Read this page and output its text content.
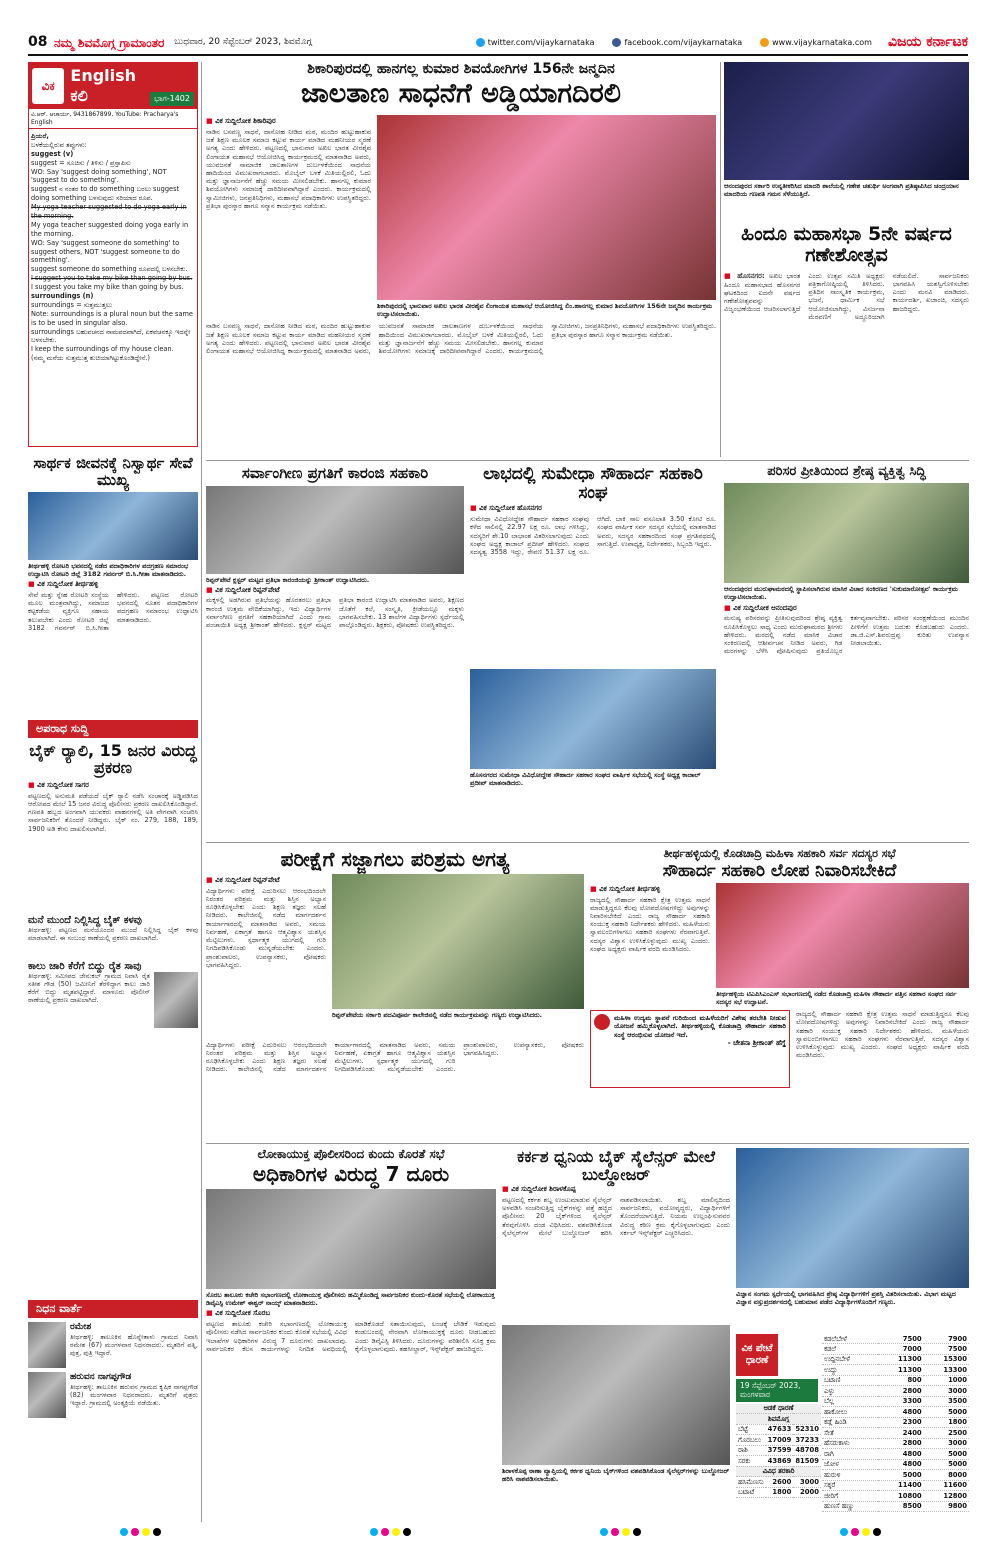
08 ನಮ್ಮ ಶಿವಮೊಗ್ಗ ಗ್ರಾಮಾಂತರ ಬುಧವಾರ, 20 ಸೆಪ್ಟೆಂಬರ್ 2023, ಶಿವಮೊಗ್ಗ	twitter.com/vijaykarnataka	facebook.com/vijaykarnataka	www.vijaykarnataka.com ವಿಜಯ ಕರ್ನಾಟಕ
ವಿಕ
English ಕಲಿ	ಭಾಗ-1402
ವಿ.ಆರ್. ಆಚಾರ್ಯ, 9431867899, YouTube: Pracharya's English
ಪ್ರಿಯರೆ,
ಬಳಕೆಯಲ್ಲಿರುವ ತಪ್ಪುಗಳು:
suggest (v)
suggest = ಸೂಚಿಸು / ತಿಳಿಸು / ಪ್ರಸ್ತಾಪಿಸು
WO: Say 'suggest doing something', NOT 'suggest to do something'.
suggest ನ ನಂತರ to do something ಬರಲು suggest doing something ಬಳಸುವುದು ಸರಿಯಾದ ರೂಪ.
My yoga teacher suggested to do yoga early in the morning.
My yoga teacher suggested doing yoga early in the morning.
WO: Say 'suggest someone do something' to suggest others, NOT 'suggest someone to do something'.
suggest someone do something ರೂಪದಲ್ಲಿ ಬಳಸಬೇಕು.
I suggest you to take my bike than going by bus.
I suggest you take my bike than going by bus.
surroundings (n)
surroundings = ಸುತ್ತಮುತ್ತಲು
Note: surroundings is a plural noun but the same is to be used in singular also.
surroundings ಬಹುವಚನದ ನಾಮಪದವಾಗಿದೆ, ಏಕವಚನಕ್ಕೂ ಇದನ್ನೇ ಬಳಸಬೇಕು.
I keep the surroundings of my house clean.
(ನಮ್ಮ ಮನೆಯ ಸುತ್ತಮುತ್ತ ಶುಚಿಯಾಗಿಟ್ಟುಕೊಂಡಿದ್ದೇನೆ.)
ಶಿಕಾರಿಪುರದಲ್ಲಿ ಹಾನಗಲ್ಲ ಕುಮಾರ ಶಿವಯೋಗಿಗಳ 156ನೇ ಜನ್ಮದಿನ
ಜಾಲತಾಣ ಸಾಧನೆಗೆ ಅಡ್ಡಿಯಾಗದಿರಲಿ
■ ವಿಕ ಸುದ್ದಿಲೋಕ ಶಿಕಾರಿಪುರ
ನಾಡಿನ ಬಸವಣ್ಣ ಸಾಧನೆ, ದಾಸೋಹ ನೀಡಿದ ಮಠ, ಮಂದಿರ ಹುಟ್ಟುಹಾಕುವ ಜತೆ ಶಿಕ್ಷಣ ಮೂಲಕ ಸಮಾಜ ಕಟ್ಟುವ ಕಾರ್ಯ ಮಾಡಿದ ಮಹನೀಯರ ಸ್ಮರಣೆ ಅಗತ್ಯ ಎಂದು ಹೇಳಿದರು. ಪಟ್ಟಣದಲ್ಲಿ ಭಾನುವಾರ ಅಖಿಲ ಭಾರತ ವೀರಶೈವ ಲಿಂಗಾಯತ ಮಹಾಸಭೆ ಆಯೋಜಿಸಿದ್ದ ಕಾರ್ಯಕ್ರಮದಲ್ಲಿ ಮಾತನಾಡಿದ ಅವರು, ಯುವಜನತೆ ಸಾಮಾಜಿಕ ಜಾಲತಾಣಗಳ ದುರ್ಬಳಕೆಯಿಂದ ಸಾಧನೆಯ ಹಾದಿಯಿಂದ ವಿಮುಖರಾಗಬಾರದು. ಮೊಬೈಲ್ ಬಳಕೆ ಮಿತಿಯಲ್ಲಿರಲಿ, ಓದು ಮತ್ತು ಜ್ಞಾನಾರ್ಜನೆಗೆ ಹೆಚ್ಚು ಸಮಯ ಮೀಸಲಿಡಬೇಕು. ಹಾನಗಲ್ಲ ಕುಮಾರ ಶಿವಯೋಗಿಗಳು ಸಮಾಜಕ್ಕೆ ದಾರಿದೀಪವಾಗಿದ್ದಾರೆ ಎಂದರು. ಕಾರ್ಯಕ್ರಮದಲ್ಲಿ ಸ್ವಾಮೀಜಿಗಳು, ಜನಪ್ರತಿನಿಧಿಗಳು, ಮಹಾಸಭೆ ಪದಾಧಿಕಾರಿಗಳು ಉಪಸ್ಥಿತರಿದ್ದರು. ಪ್ರತಿಭಾ ಪುರಸ್ಕಾರ ಹಾಗೂ ಸನ್ಮಾನ ಕಾರ್ಯಕ್ರಮ ನಡೆಯಿತು.
ಶಿಕಾರಿಪುರದಲ್ಲಿ ಭಾನುವಾರ ಅಖಿಲ ಭಾರತ ವೀರಶೈವ ಲಿಂಗಾಯತ ಮಹಾಸಭೆ ಆಯೋಜಿಸಿದ್ದ ಲಿಂ.ಹಾನಗಲ್ಲ ಕುಮಾರ ಶಿವಯೋಗಿಗಳ 156ನೇ ಜನ್ಮದಿನ ಕಾರ್ಯಕ್ರಮ ಉದ್ಘಾಟಿಸಲಾಯಿತು.
ನಾಡಿನ ಬಸವಣ್ಣ ಸಾಧನೆ, ದಾಸೋಹ ನೀಡಿದ ಮಠ, ಮಂದಿರ ಹುಟ್ಟುಹಾಕುವ ಜತೆ ಶಿಕ್ಷಣ ಮೂಲಕ ಸಮಾಜ ಕಟ್ಟುವ ಕಾರ್ಯ ಮಾಡಿದ ಮಹನೀಯರ ಸ್ಮರಣೆ ಅಗತ್ಯ ಎಂದು ಹೇಳಿದರು. ಪಟ್ಟಣದಲ್ಲಿ ಭಾನುವಾರ ಅಖಿಲ ಭಾರತ ವೀರಶೈವ ಲಿಂಗಾಯತ ಮಹಾಸಭೆ ಆಯೋಜಿಸಿದ್ದ ಕಾರ್ಯಕ್ರಮದಲ್ಲಿ ಮಾತನಾಡಿದ ಅವರು, ಯುವಜನತೆ ಸಾಮಾಜಿಕ ಜಾಲತಾಣಗಳ ದುರ್ಬಳಕೆಯಿಂದ ಸಾಧನೆಯ ಹಾದಿಯಿಂದ ವಿಮುಖರಾಗಬಾರದು. ಮೊಬೈಲ್ ಬಳಕೆ ಮಿತಿಯಲ್ಲಿರಲಿ, ಓದು ಮತ್ತು ಜ್ಞಾನಾರ್ಜನೆಗೆ ಹೆಚ್ಚು ಸಮಯ ಮೀಸಲಿಡಬೇಕು. ಹಾನಗಲ್ಲ ಕುಮಾರ ಶಿವಯೋಗಿಗಳು ಸಮಾಜಕ್ಕೆ ದಾರಿದೀಪವಾಗಿದ್ದಾರೆ ಎಂದರು. ಕಾರ್ಯಕ್ರಮದಲ್ಲಿ ಸ್ವಾಮೀಜಿಗಳು, ಜನಪ್ರತಿನಿಧಿಗಳು, ಮಹಾಸಭೆ ಪದಾಧಿಕಾರಿಗಳು ಉಪಸ್ಥಿತರಿದ್ದರು. ಪ್ರತಿಭಾ ಪುರಸ್ಕಾರ ಹಾಗೂ ಸನ್ಮಾನ ಕಾರ್ಯಕ್ರಮ ನಡೆಯಿತು.
ಆನಂದಪುರದ ಸರ್ಕಾರಿ ಉನ್ನತೀಕರಿಸಿದ ಮಾದರಿ ಶಾಲೆಯಲ್ಲಿ ಗಣೇಶ ಚತುರ್ಥಿ ಅಂಗವಾಗಿ ಪ್ರತಿಷ್ಠಾಪಿಸಿದ ಚಂದ್ರಯಾನ ಮಾದರಿಯ ಗಣಪತಿ ಗಮನ ಸೆಳೆಯುತ್ತಿದೆ.
ಹಿಂದೂ ಮಹಾಸಭಾ 5ನೇ ವರ್ಷದ ಗಣೇಶೋತ್ಸವ
■ ಹೊಸನಗರ: ಅಖಿಲ ಭಾರತ ಹಿಂದೂ ಮಹಾಸಭಾದ ಹೊಸನಗರ ಘಟಕದಿಂದ ಐದನೇ ವರ್ಷದ ಗಣೇಶೋತ್ಸವವನ್ನು ವಿಜೃಂಭಣೆಯಿಂದ ಆಚರಿಸಲಾಗುತ್ತಿದೆ ಎಂದು ಉತ್ಸವ ಸಮಿತಿ ಅಧ್ಯಕ್ಷರು ಪತ್ರಿಕಾಗೋಷ್ಠಿಯಲ್ಲಿ ತಿಳಿಸಿದರು. ಪ್ರತಿದಿನ ಸಾಂಸ್ಕೃತಿಕ ಕಾರ್ಯಕ್ರಮ, ಭಜನೆ, ಧಾರ್ಮಿಕ ಸಭೆ ಆಯೋಜಿಸಲಾಗಿದ್ದು, ವಿಸರ್ಜನಾ ಮೆರವಣಿಗೆ ಅದ್ದೂರಿಯಾಗಿ ನಡೆಯಲಿದೆ. ಸಾರ್ವಜನಿಕರು ಭಾಗವಹಿಸಿ ಯಶಸ್ವಿಗೊಳಿಸಬೇಕು ಎಂದು ಮನವಿ ಮಾಡಿದರು. ಕಾರ್ಯದರ್ಶಿ, ಖಜಾಂಚಿ, ಸದಸ್ಯರು ಹಾಜರಿದ್ದರು.
ಸಾರ್ಥಕ ಜೀವನಕ್ಕೆ ನಿಸ್ವಾರ್ಥ ಸೇವೆ ಮುಖ್ಯ
ತೀರ್ಥಹಳ್ಳಿ ರೋಟರಿ ಭವನದಲ್ಲಿ ನಡೆದ ಪದಾಧಿಕಾರಿಗಳ ಪದಗ್ರಹಣ ಸಮಾರಂಭ ಉದ್ಘಾಟಿಸಿ ರೋಟರಿ ಜಿಲ್ಲೆ 3182 ಗವರ್ನರ್ ಬಿ.ಸಿ.ಗೀತಾ ಮಾತನಾಡಿದರು.
■ ವಿಕ ಸುದ್ದಿಲೋಕ ತೀರ್ಥಹಳ್ಳಿ
ಸೇವೆ ಮತ್ತು ಸ್ನೇಹ ರೋಟರಿ ಸಂಸ್ಥೆಯ ಮೂಲ ಮಂತ್ರವಾಗಿದ್ದು, ಸಮಾಜದ ಕಟ್ಟಕಡೆಯ ವ್ಯಕ್ತಿಗೂ ಸಹಾಯ ತಲುಪಬೇಕು ಎಂದು ರೋಟರಿ ಜಿಲ್ಲೆ 3182 ಗವರ್ನರ್ ಬಿ.ಸಿ.ಗೀತಾ ಹೇಳಿದರು. ಪಟ್ಟಣದ ರೋಟರಿ ಭವನದಲ್ಲಿ ನೂತನ ಪದಾಧಿಕಾರಿಗಳ ಪದಗ್ರಹಣ ಸಮಾರಂಭ ಉದ್ಘಾಟಿಸಿ ಮಾತನಾಡಿದರು.
ಸರ್ವಾಂಗೀಣ ಪ್ರಗತಿಗೆ ಕಾರಂಜಿ ಸಹಕಾರಿ
ರಿಪ್ಪನ್‌ಪೇಟೆ ಕ್ಲಸ್ಟರ್ ಮಟ್ಟದ ಪ್ರತಿಭಾ ಕಾರಂಜಿಯನ್ನು ಶ್ರೀಕಾಂತ್ ಉದ್ಘಾಟಿಸಿದರು.
■ ವಿಕ ಸುದ್ದಿಲೋಕ ರಿಪ್ಪನ್‌ಪೇಟೆ
ಮಕ್ಕಳಲ್ಲಿ ಅಡಗಿರುವ ಪ್ರತಿಭೆಯನ್ನು ಹೊರತರಲು ಪ್ರತಿಭಾ ಕಾರಂಜಿ ಉತ್ತಮ ವೇದಿಕೆಯಾಗಿದ್ದು, ಇದು ವಿದ್ಯಾರ್ಥಿಗಳ ಸರ್ವಾಂಗೀಣ ಪ್ರಗತಿಗೆ ಸಹಕಾರಿಯಾಗಿದೆ ಎಂದು ಗ್ರಾಮ ಪಂಚಾಯಿತಿ ಅಧ್ಯಕ್ಷ ಶ್ರೀಕಾಂತ್ ಹೇಳಿದರು. ಕ್ಲಸ್ಟರ್ ಮಟ್ಟದ ಪ್ರತಿಭಾ ಕಾರಂಜಿ ಉದ್ಘಾಟಿಸಿ ಮಾತನಾಡಿದ ಅವರು, ಶಿಕ್ಷಣದ ಜೊತೆಗೆ ಕಲೆ, ಸಂಸ್ಕೃತಿ, ಕ್ರೀಡೆಯಲ್ಲೂ ಮಕ್ಕಳು ಭಾಗವಹಿಸಬೇಕು. 13 ಶಾಲೆಗಳ ವಿದ್ಯಾರ್ಥಿಗಳು ಸ್ಪರ್ಧೆಯಲ್ಲಿ ಪಾಲ್ಗೊಂಡಿದ್ದರು. ಶಿಕ್ಷಕರು, ಪೋಷಕರು ಉಪಸ್ಥಿತರಿದ್ದರು.
ಲಾಭದಲ್ಲಿ ಸುಮೇಧಾ ಸೌಹಾರ್ದ ಸಹಕಾರಿ ಸಂಘ
■ ವಿಕ ಸುದ್ದಿಲೋಕ ಹೊಸನಗರ
ಸುಮೇಧಾ ವಿವಿಧೋದ್ದೇಶ ಸೌಹಾರ್ದ ಸಹಕಾರ ಸಂಘವು ಕಳೆದ ಸಾಲಿನಲ್ಲಿ 22.97 ಲಕ್ಷ ರೂ. ಲಾಭ ಗಳಿಸಿದ್ದು, ಸದಸ್ಯರಿಗೆ ಶೇ.10 ಲಾಭಾಂಶ ವಿತರಿಸಲಾಗುವುದು ಎಂದು ಸಂಘದ ಅಧ್ಯಕ್ಷ ಕಾಜಾಲ್ ಪ್ರದೀಪ್ ಹೇಳಿದರು. ಸಂಘದ ಸದಸ್ಯತ್ವ 3558 ಇದ್ದು, ಠೇವಣಿ 51.37 ಲಕ್ಷ ರೂ. ಆಗಿದೆ. ಬಾಕಿ ಸಾಲ ವಸೂಲಾತಿ 3.50 ಕೋಟಿ ರೂ. ಸಂಘದ ವಾರ್ಷಿಕ ಸರ್ವ ಸದಸ್ಯರ ಸಭೆಯಲ್ಲಿ ಮಾತನಾಡಿದ ಅವರು, ಸದಸ್ಯರ ಸಹಕಾರದಿಂದ ಸಂಘ ಪ್ರಗತಿಪಥದಲ್ಲಿ ಸಾಗುತ್ತಿದೆ. ಉಪಾಧ್ಯಕ್ಷ, ನಿರ್ದೇಶಕರು, ಸಿಬ್ಬಂದಿ ಇದ್ದರು.
ಹೊಸನಗರದ ಸುಮೇಧಾ ವಿವಿಧೋದ್ದೇಶ ಸೌಹಾರ್ದ ಸಹಕಾರ ಸಂಘದ ವಾರ್ಷಿಕ ಸಭೆಯಲ್ಲಿ ಸಂಸ್ಥೆ ಅಧ್ಯಕ್ಷ ಕಾಜಾಲ್ ಪ್ರದೀಪ್ ಮಾತನಾಡಿದರು.
ಪರಿಸರ ಪ್ರೀತಿಯಿಂದ ಶ್ರೇಷ್ಠ ವ್ಯಕ್ತಿತ್ವ ಸಿದ್ಧಿ
ಆನಂದಪುರದ ಮುರುಘಾಮಠದಲ್ಲಿ ಸ್ಥಾಪಿಸಲಾಗಿರುವ ಮಾಸಿಕ ವಿಚಾರ ಸಂಕಿರಣದ 'ಸುಕುಮಾರೋತ್ಸವ' ಕಾರ್ಯಕ್ರಮ ಉದ್ಘಾಟಿಸಲಾಯಿತು.
■ ವಿಕ ಸುದ್ದಿಲೋಕ ಆನಂದಪುರ
ಮನುಷ್ಯ ಪರಿಸರವನ್ನು ಪ್ರೀತಿಸುವುದರಿಂದ ಶ್ರೇಷ್ಠ ವ್ಯಕ್ತಿತ್ವ ರೂಪಿಸಿಕೊಳ್ಳಲು ಸಾಧ್ಯ ಎಂದು ಮುರುಘಾಮಠದ ಶ್ರೀಗಳು ಹೇಳಿದರು. ಮಠದಲ್ಲಿ ನಡೆದ ಮಾಸಿಕ ವಿಚಾರ ಸಂಕಿರಣದಲ್ಲಿ ಆಶೀರ್ವಚನ ನೀಡಿದ ಅವರು, ಗಿಡ ಮರಗಳನ್ನು ಬೆಳೆಸಿ ಪೋಷಿಸುವುದು ಪ್ರತಿಯೊಬ್ಬರ ಕರ್ತವ್ಯವಾಗಬೇಕು. ಪರಿಸರ ಸಂರಕ್ಷಣೆಯಿಂದ ಮುಂದಿನ ಪೀಳಿಗೆಗೆ ಉತ್ತಮ ಬದುಕು ಕೊಡಬಹುದು ಎಂದರು. ಡಾ.ಜಿ.ಎಸ್.ಶಿವರುದ್ರಪ್ಪ ಕುರಿತು ಉಪನ್ಯಾಸ ನೀಡಲಾಯಿತು.
ಅಪರಾಧ ಸುದ್ದಿ
ಬೈಕ್ ರ‍್ಯಾಲಿ, 15 ಜನರ ವಿರುದ್ಧ ಪ್ರಕರಣ
■ ವಿಕ ಸುದ್ದಿಲೋಕ ಸಾಗರ
ಪಟ್ಟಣದಲ್ಲಿ ಅನುಮತಿ ಪಡೆಯದೆ ಬೈಕ್ ರ‍್ಯಾಲಿ ನಡೆಸಿ ಸಂಚಾರಕ್ಕೆ ಅಡ್ಡಿಪಡಿಸಿದ ಆರೋಪದ ಮೇಲೆ 15 ಜನರ ವಿರುದ್ಧ ಪೊಲೀಸರು ಪ್ರಕರಣ ದಾಖಲಿಸಿಕೊಂಡಿದ್ದಾರೆ. ಗಣಪತಿ ಹಬ್ಬದ ಅಂಗವಾಗಿ ಯುವಕರು ವಾಹನಗಳಲ್ಲಿ ಅತಿ ವೇಗವಾಗಿ ಸಂಚರಿಸಿ ಸಾರ್ವಜನಿಕರಿಗೆ ತೊಂದರೆ ನೀಡಿದ್ದರು. ಬೈಕ್ ನಂ. 279, 188, 189, 1900 ಅಡಿ ಕೇಸು ದಾಖಲಿಸಲಾಗಿದೆ.
ಮನೆ ಮುಂದೆ ನಿಲ್ಲಿಸಿದ್ದ ಬೈಕ್ ಕಳವು
ತೀರ್ಥಹಳ್ಳಿ: ಪಟ್ಟಣದ ಮನೆಯೊಂದರ ಮುಂದೆ ನಿಲ್ಲಿಸಿದ್ದ ಬೈಕ್ ಕಳವು ಮಾಡಲಾಗಿದೆ. ಈ ಸಂಬಂಧ ಠಾಣೆಯಲ್ಲಿ ಪ್ರಕರಣ ದಾಖಲಾಗಿದೆ.
ಕಾಲು ಜಾರಿ ಕೆರೆಗೆ ಬಿದ್ದು ರೈತ ಸಾವು
ತೀರ್ಥಹಳ್ಳಿ: ಸಮೀಪದ ಜೇನುಕಲ್ ಗ್ರಾಮದ ನಿವಾಸಿ ರೈತ ಸತೀಶ ಗೌಡ (50) ಜಮೀನಿಗೆ ತೆರಳಿದ್ದಾಗ ಕಾಲು ಜಾರಿ ಕೆರೆಗೆ ಬಿದ್ದು ಮೃತಪಟ್ಟಿದ್ದಾರೆ. ಮಾಳೂರು ಪೊಲೀಸ್ ಠಾಣೆಯಲ್ಲಿ ಪ್ರಕರಣ ದಾಖಲಾಗಿದೆ.
ನಿಧನ ವಾರ್ತೆ
ರಮೇಶ
ತೀರ್ಥಹಳ್ಳಿ: ತಾಲೂಕಿನ ಹೊನ್ನೇತಾಳು ಗ್ರಾಮದ ನಿವಾಸಿ ರಮೇಶ (67) ಮಂಗಳವಾರ ನಿಧನರಾದರು. ಮೃತರಿಗೆ ಪತ್ನಿ, ಪುತ್ರ, ಪುತ್ರಿ ಇದ್ದಾರೆ.
ಹರುವನ ನಾಗಪ್ಪಗೌಡ
ತೀರ್ಥಹಳ್ಳಿ: ತಾಲೂಕಿನ ಹರುವನ ಗ್ರಾಮದ ಕೃಷಿಕ ನಾಗಪ್ಪಗೌಡ (82) ಮಂಗಳವಾರ ನಿಧನರಾದರು. ಮೃತರಿಗೆ ಪುತ್ರರು ಇದ್ದಾರೆ. ಗ್ರಾಮದಲ್ಲಿ ಅಂತ್ಯಕ್ರಿಯೆ ನಡೆಯಿತು.
ಪರೀಕ್ಷೆಗೆ ಸಜ್ಜಾಗಲು ಪರಿಶ್ರಮ ಅಗತ್ಯ
■ ವಿಕ ಸುದ್ದಿಲೋಕ ರಿಪ್ಪನ್‌ಪೇಟೆ
ವಿದ್ಯಾರ್ಥಿಗಳು ಪರೀಕ್ಷೆ ಎದುರಿಸಲು ಆರಂಭದಿಂದಲೇ ನಿರಂತರ ಪರಿಶ್ರಮ ಮತ್ತು ಶಿಸ್ತಿನ ಅಭ್ಯಾಸ ರೂಢಿಸಿಕೊಳ್ಳಬೇಕು ಎಂದು ಶಿಕ್ಷಣ ತಜ್ಞರು ಸಲಹೆ ನೀಡಿದರು. ಕಾಲೇಜಿನಲ್ಲಿ ನಡೆದ ಮಾರ್ಗದರ್ಶನ ಕಾರ್ಯಾಗಾರದಲ್ಲಿ ಮಾತನಾಡಿದ ಅವರು, ಸಮಯ ನಿರ್ವಹಣೆ, ಏಕಾಗ್ರತೆ ಹಾಗೂ ಆತ್ಮವಿಶ್ವಾಸ ಯಶಸ್ಸಿನ ಮೆಟ್ಟಿಲುಗಳು. ಸ್ಪರ್ಧಾತ್ಮಕ ಯುಗದಲ್ಲಿ ಗುರಿ ನಿಗದಿಪಡಿಸಿಕೊಂಡು ಮುನ್ನಡೆಯಬೇಕು ಎಂದರು. ಪ್ರಾಂಶುಪಾಲರು, ಉಪನ್ಯಾಸಕರು, ಪೋಷಕರು ಭಾಗವಹಿಸಿದ್ದರು.
ರಿಪ್ಪನ್‌ಪೇಟೆಯ ಸರ್ಕಾರಿ ಪದವಿಪೂರ್ವ ಕಾಲೇಜಿನಲ್ಲಿ ನಡೆದ ಕಾರ್ಯಕ್ರಮವನ್ನು ಗಣ್ಯರು ಉದ್ಘಾಟಿಸಿದರು.
ವಿದ್ಯಾರ್ಥಿಗಳು ಪರೀಕ್ಷೆ ಎದುರಿಸಲು ಆರಂಭದಿಂದಲೇ ನಿರಂತರ ಪರಿಶ್ರಮ ಮತ್ತು ಶಿಸ್ತಿನ ಅಭ್ಯಾಸ ರೂಢಿಸಿಕೊಳ್ಳಬೇಕು ಎಂದು ಶಿಕ್ಷಣ ತಜ್ಞರು ಸಲಹೆ ನೀಡಿದರು. ಕಾಲೇಜಿನಲ್ಲಿ ನಡೆದ ಮಾರ್ಗದರ್ಶನ ಕಾರ್ಯಾಗಾರದಲ್ಲಿ ಮಾತನಾಡಿದ ಅವರು, ಸಮಯ ನಿರ್ವಹಣೆ, ಏಕಾಗ್ರತೆ ಹಾಗೂ ಆತ್ಮವಿಶ್ವಾಸ ಯಶಸ್ಸಿನ ಮೆಟ್ಟಿಲುಗಳು. ಸ್ಪರ್ಧಾತ್ಮಕ ಯುಗದಲ್ಲಿ ಗುರಿ ನಿಗದಿಪಡಿಸಿಕೊಂಡು ಮುನ್ನಡೆಯಬೇಕು ಎಂದರು. ಪ್ರಾಂಶುಪಾಲರು, ಉಪನ್ಯಾಸಕರು, ಪೋಷಕರು ಭಾಗವಹಿಸಿದ್ದರು.
ತೀರ್ಥಹಳ್ಳಿಯಲ್ಲಿ ಕೊಡಚಾದ್ರಿ ಮಹಿಳಾ ಸಹಕಾರಿ ಸರ್ವ ಸದಸ್ಯರ ಸಭೆ
ಸೌಹಾರ್ದ ಸಹಕಾರಿ ಲೋಪ ನಿವಾರಿಸಬೇಕಿದೆ
■ ವಿಕ ಸುದ್ದಿಲೋಕ ತೀರ್ಥಹಳ್ಳಿ
ರಾಜ್ಯದಲ್ಲಿ ಸೌಹಾರ್ದ ಸಹಕಾರಿ ಕ್ಷೇತ್ರ ಉತ್ತಮ ಸಾಧನೆ ಮಾಡುತ್ತಿದ್ದರೂ ಕೆಲವು ಲೋಪದೋಷಗಳಿದ್ದು ಅವುಗಳನ್ನು ನಿವಾರಿಸಬೇಕಿದೆ ಎಂದು ರಾಜ್ಯ ಸೌಹಾರ್ದ ಸಹಕಾರಿ ಸಂಯುಕ್ತ ಸಹಕಾರಿ ನಿರ್ದೇಶಕರು ಹೇಳಿದರು. ಮಹಿಳೆಯರು ಸ್ವಾವಲಂಬಿಗಳಾಗಲು ಸಹಕಾರಿ ಸಂಘಗಳು ನೆರವಾಗುತ್ತಿವೆ. ಸದಸ್ಯರ ವಿಶ್ವಾಸ ಉಳಿಸಿಕೊಳ್ಳುವುದು ಮುಖ್ಯ ಎಂದರು. ಸಂಘದ ಅಧ್ಯಕ್ಷರು ವಾರ್ಷಿಕ ವರದಿ ಮಂಡಿಸಿದರು.
ತೀರ್ಥಹಳ್ಳಿಯ ಟಿಎಪಿಸಿಎಂಎಸ್ ಸಭಾಂಗಣದಲ್ಲಿ ನಡೆದ ಕೊಡಚಾದ್ರಿ ಮಹಿಳಾ ಸೌಹಾರ್ದ ಪತ್ತಿನ ಸಹಕಾರ ಸಂಘದ ಸರ್ವ ಸದಸ್ಯರ ಸಭೆ ಉದ್ಘಾಟನೆ.
ಮಹಿಳಾ ಉದ್ಯಮ ಸ್ಥಾಪನೆ ಗುರಿಯಿಂದ ಮಹಿಳೆಯರಿಗೆ ವಿಶೇಷ ತರಬೇತಿ ನೀಡುವ ಯೋಜನೆ ಹಮ್ಮಿಕೊಳ್ಳಲಾಗಿದೆ. ತೀರ್ಥಹಳ್ಳಿಯಲ್ಲಿ ಕೊಡಚಾದ್ರಿ ಸೌಹಾರ್ದ ಸಹಕಾರಿ ಸಂಸ್ಥೆ ಆರಂಭಿಸುವ ಯೋಜನೆ ಇದೆ.
- ಚೇತನಾ ಶ್ರೀಕಾಂತ್ ಹೆಗ್ಡೆ
ರಾಜ್ಯದಲ್ಲಿ ಸೌಹಾರ್ದ ಸಹಕಾರಿ ಕ್ಷೇತ್ರ ಉತ್ತಮ ಸಾಧನೆ ಮಾಡುತ್ತಿದ್ದರೂ ಕೆಲವು ಲೋಪದೋಷಗಳಿದ್ದು ಅವುಗಳನ್ನು ನಿವಾರಿಸಬೇಕಿದೆ ಎಂದು ರಾಜ್ಯ ಸೌಹಾರ್ದ ಸಹಕಾರಿ ಸಂಯುಕ್ತ ಸಹಕಾರಿ ನಿರ್ದೇಶಕರು ಹೇಳಿದರು. ಮಹಿಳೆಯರು ಸ್ವಾವಲಂಬಿಗಳಾಗಲು ಸಹಕಾರಿ ಸಂಘಗಳು ನೆರವಾಗುತ್ತಿವೆ. ಸದಸ್ಯರ ವಿಶ್ವಾಸ ಉಳಿಸಿಕೊಳ್ಳುವುದು ಮುಖ್ಯ ಎಂದರು. ಸಂಘದ ಅಧ್ಯಕ್ಷರು ವಾರ್ಷಿಕ ವರದಿ ಮಂಡಿಸಿದರು.
ಲೋಕಾಯುಕ್ತ ಪೊಲೀಸರಿಂದ ಕುಂದು ಕೊರತೆ ಸಭೆ
ಅಧಿಕಾರಿಗಳ ವಿರುದ್ಧ 7 ದೂರು
ಸೊರಬ ತಾಲೂಕು ಕಚೇರಿ ಸಭಾಂಗಣದಲ್ಲಿ ಲೋಕಾಯುಕ್ತ ಪೊಲೀಸರು ಹಮ್ಮಿಕೊಂಡಿದ್ದ ಸಾರ್ವಜನಿಕರ ಕುಂದು-ಕೊರತೆ ಸಭೆಯಲ್ಲಿ ಲೋಕಾಯುಕ್ತ ಡಿವೈಎಸ್ಪಿ ಉಮೇಶ್ ಈಶ್ವರ್ ನಾಯ್ಕ್ ಮಾತನಾಡಿದರು.
■ ವಿಕ ಸುದ್ದಿಲೋಕ ಸೊರಬ
ಪಟ್ಟಣದ ತಾಲೂಕು ಕಚೇರಿ ಸಭಾಂಗಣದಲ್ಲಿ ಲೋಕಾಯುಕ್ತ ಪೊಲೀಸರು ನಡೆಸಿದ ಸಾರ್ವಜನಿಕರ ಕುಂದು ಕೊರತೆ ಸಭೆಯಲ್ಲಿ ವಿವಿಧ ಇಲಾಖೆಗಳ ಅಧಿಕಾರಿಗಳ ವಿರುದ್ಧ 7 ದೂರುಗಳು ದಾಖಲಾದವು. ಸಾರ್ವಜನಿಕರ ಕೆಲಸ ಕಾರ್ಯಗಳನ್ನು ನಿಗದಿತ ಅವಧಿಯಲ್ಲಿ ಮಾಡಿಕೊಡದೆ ಸತಾಯಿಸುವುದು, ಲಂಚಕ್ಕೆ ಬೇಡಿಕೆ ಇಡುವುದು ಕಂಡುಬಂದಲ್ಲಿ ನೇರವಾಗಿ ಲೋಕಾಯುಕ್ತಕ್ಕೆ ದೂರು ನೀಡಬಹುದು ಎಂದು ಡಿವೈಎಸ್ಪಿ ತಿಳಿಸಿದರು. ದೂರುಗಳನ್ನು ಪರಿಶೀಲಿಸಿ ಸೂಕ್ತ ಕ್ರಮ ಕೈಗೊಳ್ಳಲಾಗುವುದು. ತಹಸೀಲ್ದಾರ್, ಇನ್ಸ್‌ಪೆಕ್ಟರ್ ಹಾಜರಿದ್ದರು.
ಕರ್ಕಶ ಧ್ವನಿಯ ಬೈಕ್ ಸೈಲೆನ್ಸರ್ ಮೇಲೆ ಬುಲ್ಡೋಜರ್
■ ವಿಕ ಸುದ್ದಿಲೋಕ ಶಿರಾಳಕೊಪ್ಪ
ಪಟ್ಟಣದಲ್ಲಿ ಕರ್ಕಶ ಶಬ್ದ ಉಂಟುಮಾಡುವ ಸೈಲೆನ್ಸರ್ ಅಳವಡಿಸಿ ಸಂಚರಿಸುತ್ತಿದ್ದ ಬೈಕ್‌ಗಳನ್ನು ಪತ್ತೆ ಹಚ್ಚಿದ ಪೊಲೀಸರು 20 ಬೈಕ್‌ಗಳಿಂದ ಸೈಲೆನ್ಸರ್ ತೆರವುಗೊಳಿಸಿ ದಂಡ ವಿಧಿಸಿದರು. ವಶಪಡಿಸಿಕೊಂಡ ಸೈಲೆನ್ಸರ್‌ಗಳ ಮೇಲೆ ಬುಲ್ಡೋಜರ್ ಹರಿಸಿ ನಾಶಪಡಿಸಲಾಯಿತು. ಶಬ್ದ ಮಾಲಿನ್ಯದಿಂದ ಸಾರ್ವಜನಿಕರು, ವಯೋವೃದ್ಧರು, ವಿದ್ಯಾರ್ಥಿಗಳಿಗೆ ತೊಂದರೆಯಾಗುತ್ತಿದೆ. ನಿಯಮ ಉಲ್ಲಂಘಿಸುವವರ ವಿರುದ್ಧ ಕಠಿಣ ಕ್ರಮ ಕೈಗೊಳ್ಳಲಾಗುವುದು ಎಂದು ಸರ್ಕಲ್ ಇನ್ಸ್‌ಪೆಕ್ಟರ್ ಎಚ್ಚರಿಸಿದರು.
ಶಿರಾಳಕೊಪ್ಪ ಠಾಣಾ ವ್ಯಾಪ್ತಿಯಲ್ಲಿ ಕರ್ಕಶ ಧ್ವನಿಯ ಬೈಕ್‌ಗಳಿಂದ ವಶಪಡಿಸಿಕೊಂಡ ಸೈಲೆನ್ಸರ್‌ಗಳನ್ನು ಬುಲ್ಡೋಜರ್ ಹರಿಸಿ ನಾಶಪಡಿಸಲಾಯಿತು.
ವಿಜ್ಞಾನ ಸಂಗಮ ಸ್ಪರ್ಧೆಯಲ್ಲಿ ಭಾಗವಹಿಸಿದ ಶ್ರೇಷ್ಠ ವಿದ್ಯಾರ್ಥಿಗಳಿಗೆ ಪ್ರಶಸ್ತಿ ವಿತರಿಸಲಾಯಿತು. ವಿಭಾಗ ಮಟ್ಟದ ವಿಜ್ಞಾನ ವಸ್ತುಪ್ರದರ್ಶನದಲ್ಲಿ ಬಹುಮಾನ ಪಡೆದ ವಿದ್ಯಾರ್ಥಿಗಳೊಂದಿಗೆ ಗಣ್ಯರು.
ವಿಕ ಪೇಟೆ ಧಾರಣೆ
19 ಸೆಪ್ಟೆಂಬರ್ 2023, ಮಂಗಳವಾರ
ಅಡಕೆ ಧಾರಣೆ		
ಶಿವಮೊಗ್ಗ		
ಬೆಟ್ಟೆ	47633	52310
ಗೊರಬಲು	17009	37233
ರಾಶಿ	37599	48708
ಸರಕು	43869	81509
ವಿವಿಧ ತರಕಾರಿ		
ಹಸಿಮೆಣಸು	2600	3000
ಬಟಾಟೆ	1800	2000
ಕಡಲೆಬೇಳೆ	7500	7900
ಕಡಲೆ	7000	7500
ಉದ್ದಿನಬೇಳೆ	11300	15300
ಉದ್ದು	11300	13300
ಬಟಾಣಿ	800	1000
ಎಳ್ಳು	2800	3000
ಬೆಲ್ಲ	3300	3500
ಹಾಕೋಲು	4800	5000
ಕಡ್ಲೆ ಹಿಂಡಿ	2300	1800
ಸೇತೆ	2400	2500
ಹೆಸರುಕಾಳು	2800	3000
ರಾಗಿ	4800	5000
ಜೋಳ	4800	5000
ಹುರುಳಿ	5000	8000
ಸಕ್ಕರೆ	11400	11600
ಜೀರಿಗೆ	10800	12800
ಹುಣಸೆ ಹಣ್ಣು	8500	9800
